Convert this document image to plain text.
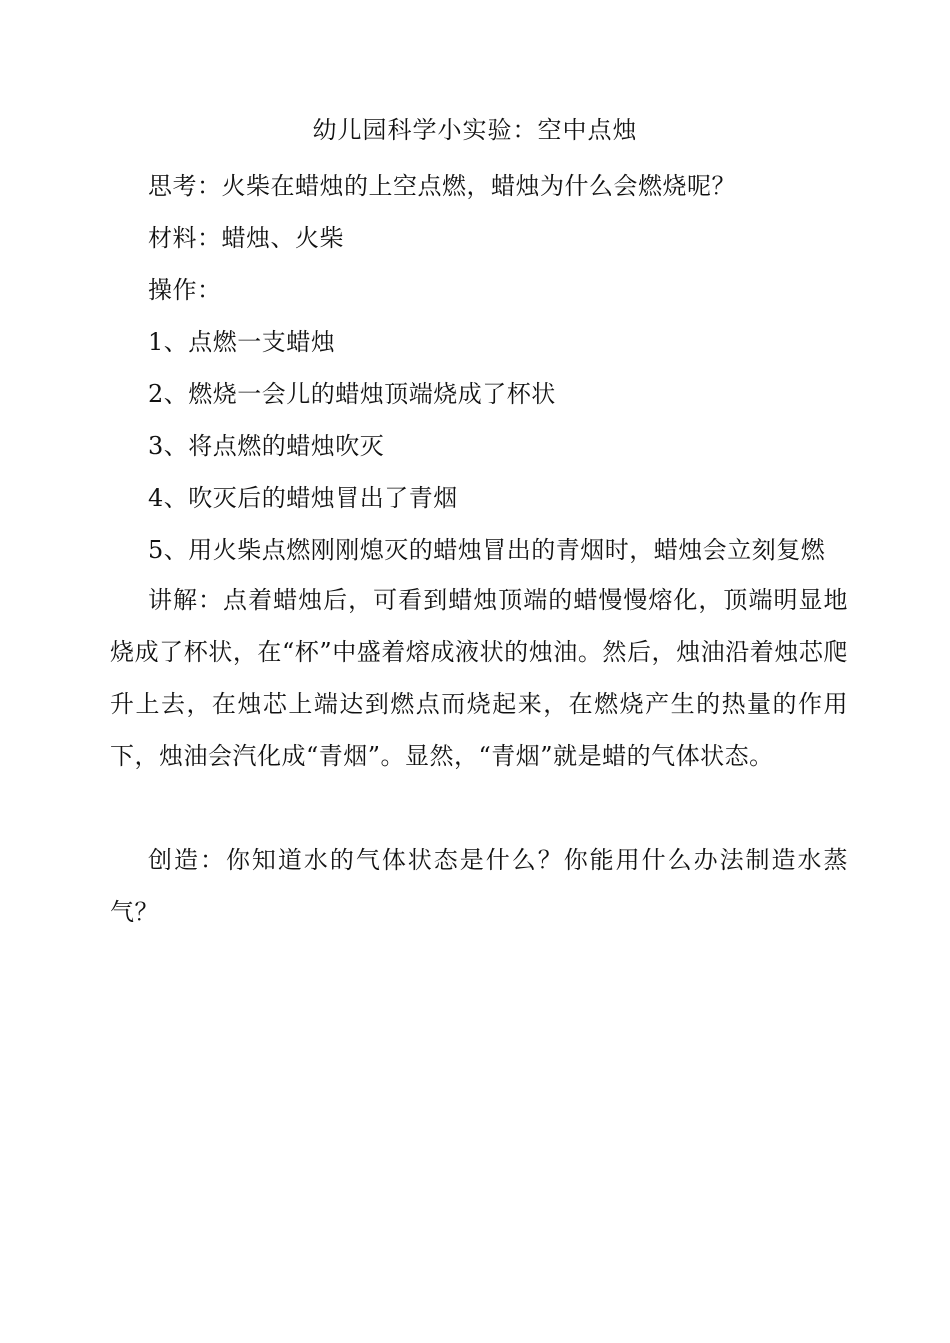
幼儿园科学小实验：空中点烛
思考：火柴在蜡烛的上空点燃，蜡烛为什么会燃烧呢？
材料：蜡烛、火柴
操作：
1、点燃一支蜡烛
2、燃烧一会儿的蜡烛顶端烧成了杯状
3、将点燃的蜡烛吹灭
4、吹灭后的蜡烛冒出了青烟
5、用火柴点燃刚刚熄灭的蜡烛冒出的青烟时，蜡烛会立刻复燃
讲解：点着蜡烛后，可看到蜡烛顶端的蜡慢慢熔化，顶端明显地烧成了杯状，在“杯”中盛着熔成液状的烛油。然后，烛油沿着烛芯爬升上去，在烛芯上端达到燃点而烧起来，在燃烧产生的热量的作用下，烛油会汽化成“青烟”。显然，“青烟”就是蜡的气体状态。
创造：你知道水的气体状态是什么？你能用什么办法制造水蒸气？
